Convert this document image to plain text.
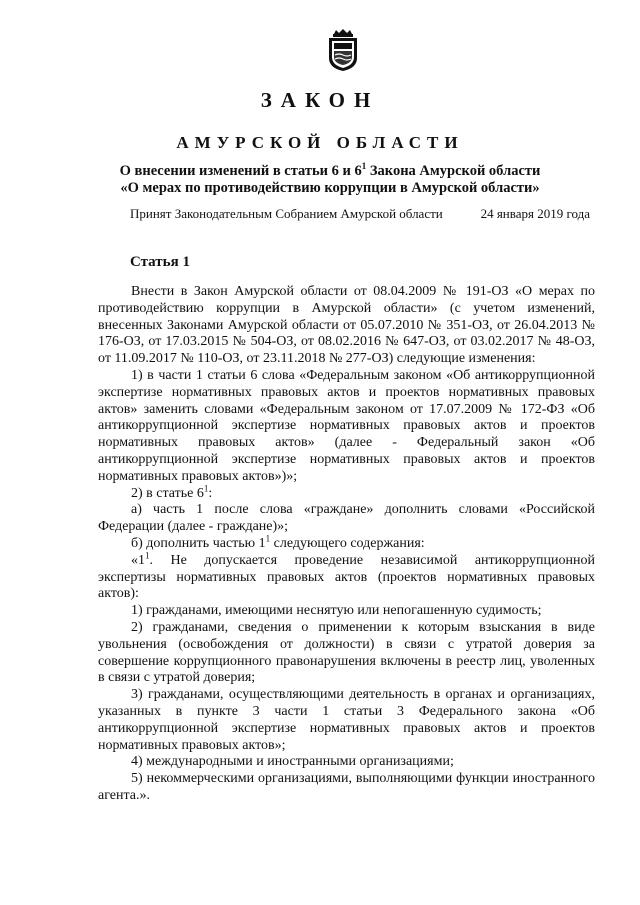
ЗАКОН
АМУРСКОЙ ОБЛАСТИ
О внесении изменений в статьи 6 и $6^1$ Закона Амурской области
«О мерах по противодействию коррупции в Амурской области»
Принят Законодательным Собранием Амурской области	24 января 2019 года
Статья 1

Внести в Закон Амурской области от 08.04.2009 № 191-ОЗ «О мерах по противодействию коррупции в Амурской области» (с учетом изменений, внесенных Законами Амурской области от 05.07.2010 № 351-ОЗ, от 26.04.2013 № 176-ОЗ, от 17.03.2015 № 504-ОЗ, от 08.02.2016 № 647-ОЗ, от 03.02.2017 № 48-ОЗ, от 11.09.2017 № 110-ОЗ, от 23.11.2018 № 277-ОЗ) следующие изменения:

1) в части 1 статьи 6 слова «Федеральным законом «Об антикоррупционной экспертизе нормативных правовых актов и проектов нормативных правовых актов» заменить словами «Федеральным законом от 17.07.2009 № 172-ФЗ «Об антикоррупционной экспертизе нормативных правовых актов и проектов нормативных правовых актов» (далее - Федеральный закон «Об антикоррупционной экспертизе нормативных правовых актов и проектов нормативных правовых актов»)»;

2) в статье $6^1$:

а) часть 1 после слова «граждане» дополнить словами «Российской Федерации (далее - граждане)»;

б) дополнить частью $1^1$ следующего содержания:

«$1^1$. Не допускается проведение независимой антикоррупционной экспертизы нормативных правовых актов (проектов нормативных правовых актов):

1) гражданами, имеющими неснятую или непогашенную судимость;

2) гражданами, сведения о применении к которым взыскания в виде увольнения (освобождения от должности) в связи с утратой доверия за совершение коррупционного правонарушения включены в реестр лиц, уволенных в связи с утратой доверия;

3) гражданами, осуществляющими деятельность в органах и организациях, указанных в пункте 3 части 1 статьи 3 Федерального закона «Об антикоррупционной экспертизе нормативных правовых актов и проектов нормативных правовых актов»;

4) международными и иностранными организациями;

5) некоммерческими организациями, выполняющими функции иностранного агента.».
